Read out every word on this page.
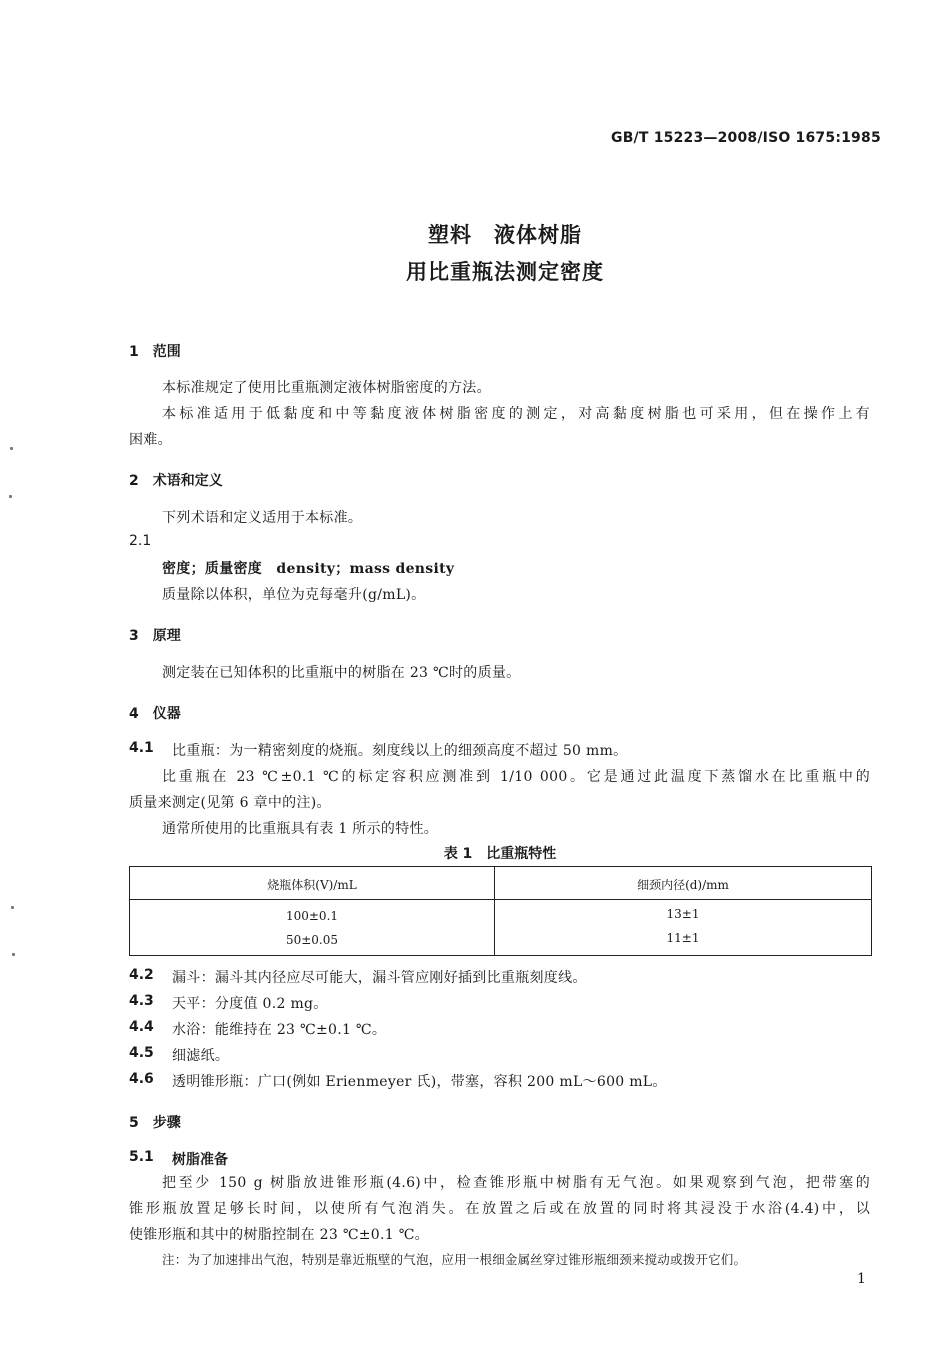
GB/T 15223—2008/ISO 1675:1985
塑料　液体树脂
用比重瓶法测定密度
1　范围
本标准规定了使用比重瓶测定液体树脂密度的方法。
本标准适用于低黏度和中等黏度液体树脂密度的测定，对高黏度树脂也可采用，但在操作上有
困难。
2　术语和定义
下列术语和定义适用于本标准。
2.1
密度；质量密度　density；mass density
质量除以体积，单位为克每毫升(g/mL)。
3　原理
测定装在已知体积的比重瓶中的树脂在 23 ℃时的质量。
4　仪器
4.1 比重瓶：为一精密刻度的烧瓶。刻度线以上的细颈高度不超过 50 mm。
比重瓶在 23 ℃±0.1 ℃的标定容积应测准到 1/10 000。它是通过此温度下蒸馏水在比重瓶中的
质量来测定(见第 6 章中的注)。
通常所使用的比重瓶具有表 1 所示的特性。
表 1　比重瓶特性
烧瓶体积(V)/mL	细颈内径(d)/mm
100±0.1	13±1
50±0.05	11±1
4.2 漏斗：漏斗其内径应尽可能大，漏斗管应刚好插到比重瓶刻度线。
4.3 天平：分度值 0.2 mg。
4.4 水浴：能维持在 23 ℃±0.1 ℃。
4.5 细滤纸。
4.6 透明锥形瓶：广口(例如 Erienmeyer 氏)，带塞，容积 200 mL～600 mL。
5　步骤
5.1 树脂准备
把至少 150 g 树脂放进锥形瓶(4.6)中，检查锥形瓶中树脂有无气泡。如果观察到气泡，把带塞的
锥形瓶放置足够长时间，以使所有气泡消失。在放置之后或在放置的同时将其浸没于水浴(4.4)中，以
使锥形瓶和其中的树脂控制在 23 ℃±0.1 ℃。
注：为了加速排出气泡，特别是靠近瓶壁的气泡，应用一根细金属丝穿过锥形瓶细颈来搅动或拨开它们。
1
